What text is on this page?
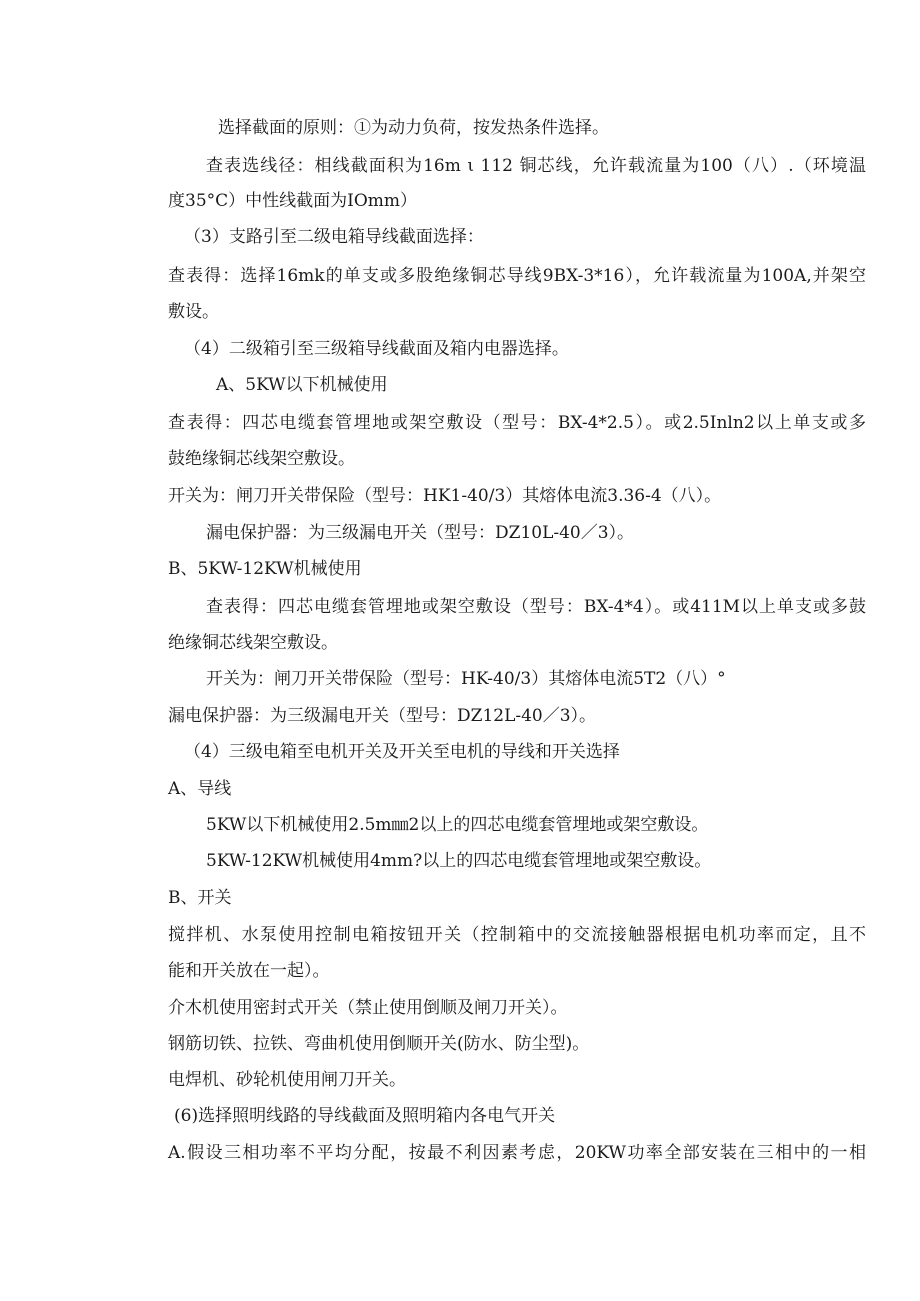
选择截面的原则：①为动力负荷，按发热条件选择。

查表选线径：相线截面积为16m ι 112 铜芯线，允许载流量为100（八）.（环境温

度35°C）中性线截面为IOmm）

（3）支路引至二级电箱导线截面选择：

查表得：选择16mk的单支或多股绝缘铜芯导线9BX-3*16），允许载流量为100A,并架空

敷设。

（4）二级箱引至三级箱导线截面及箱内电器选择。

A、5KW以下机械使用

查表得：四芯电缆套管埋地或架空敷设（型号：BX-4*2.5）。或2.5Inln2以上单支或多

鼓绝缘铜芯线架空敷设。

开关为：闸刀开关带保险（型号：HK1-40/3）其熔体电流3.36-4（八）。

漏电保护器：为三级漏电开关（型号：DZ10L-40／3）。

B、5KW-12KW机械使用

查表得：四芯电缆套管埋地或架空敷设（型号：BX-4*4）。或411M以上单支或多鼓

绝缘铜芯线架空敷设。

开关为：闸刀开关带保险（型号：HK-40/3）其熔体电流5T2（八）°

漏电保护器：为三级漏电开关（型号：DZ12L-40／3）。

（4）三级电箱至电机开关及开关至电机的导线和开关选择

A、导线

5KW以下机械使用2.5m㎜2以上的四芯电缆套管埋地或架空敷设。

5KW-12KW机械使用4mm?以上的四芯电缆套管埋地或架空敷设。

B、开关

搅拌机、水泵使用控制电箱按钮开关（控制箱中的交流接触器根据电机功率而定，且不

能和开关放在一起）。

介木机使用密封式开关（禁止使用倒顺及闸刀开关）。

钢筋切铁、拉铁、弯曲机使用倒顺开关(防水、防尘型)。

电焊机、砂轮机使用闸刀开关。

(6)选择照明线路的导线截面及照明箱内各电气开关

A.假设三相功率不平均分配，按最不利因素考虑，20KW功率全部安装在三相中的一相
